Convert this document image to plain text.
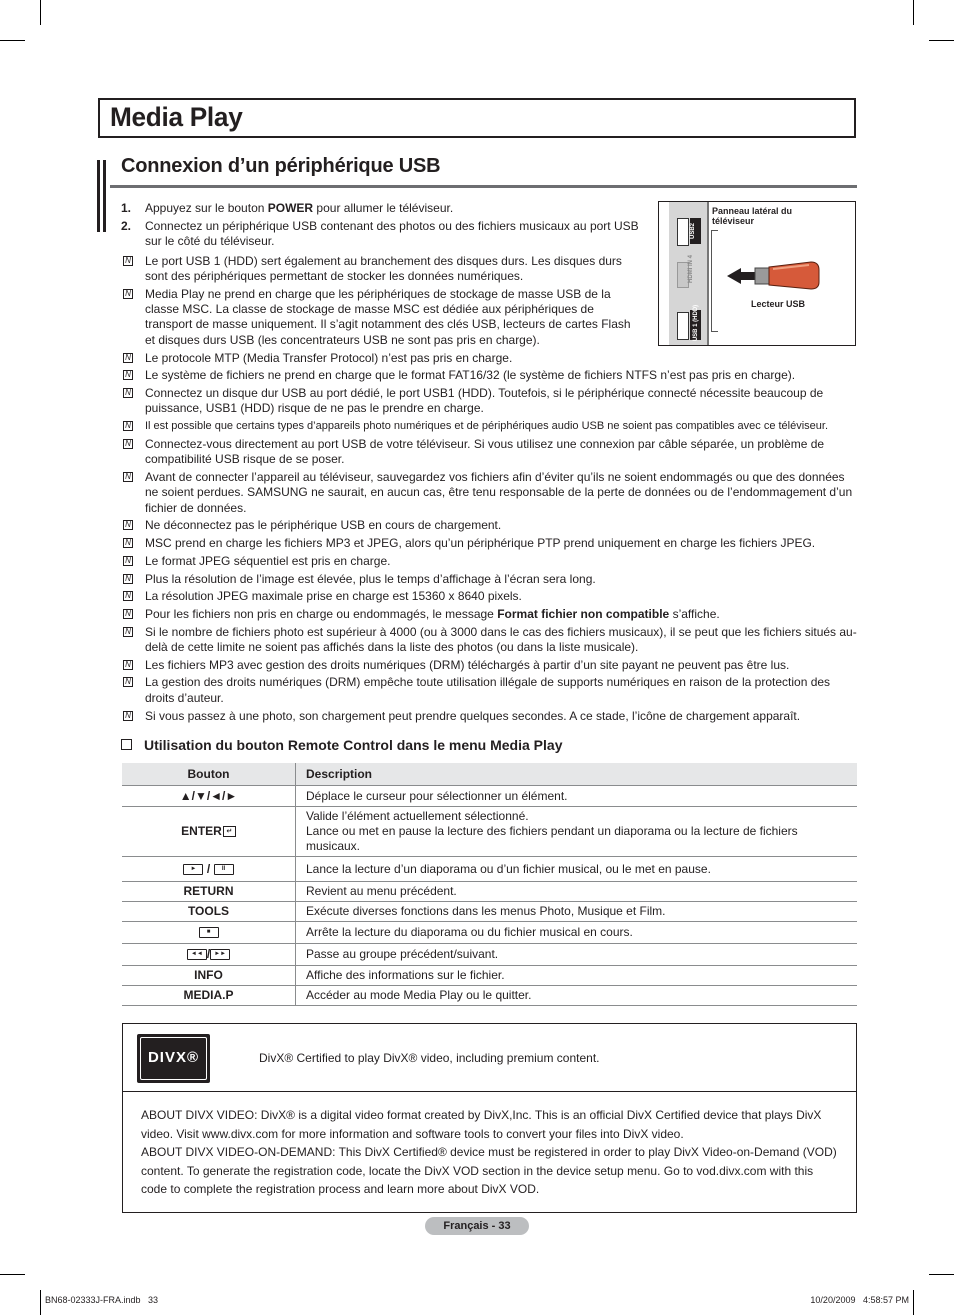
Media Play
Connexion d’un périphérique USB
USB2
HDMI IN 4
USB 1 (HDD)
Panneau latéral du téléviseur
Lecteur USB
1. Appuyez sur le bouton POWER pour allumer le téléviseur.
2. Connectez un périphérique USB contenant des photos ou des fichiers musicaux au port USB sur le côté du téléviseur.
N Le port USB 1 (HDD) sert également au branchement des disques durs. Les disques durs sont des périphériques permettant de stocker les données numériques.
N Media Play ne prend en charge que les périphériques de stockage de masse USB de la classe MSC. La classe de stockage de masse MSC est dédiée aux périphériques de transport de masse uniquement. Il s’agit notamment des clés USB, lecteurs de cartes Flash et disques durs USB (les concentrateurs USB ne sont pas pris en charge).
N Le protocole MTP (Media Transfer Protocol) n’est pas pris en charge.
N Le système de fichiers ne prend en charge que le format FAT16/32 (le système de fichiers NTFS n’est pas pris en charge).
N Connectez un disque dur USB au port dédié, le port USB1 (HDD). Toutefois, si le périphérique connecté nécessite beaucoup de puissance, USB1 (HDD) risque de ne pas le prendre en charge.
N Il est possible que certains types d’appareils photo numériques et de périphériques audio USB ne soient pas compatibles avec ce téléviseur.
N Connectez-vous directement au port USB de votre téléviseur. Si vous utilisez une connexion par câble séparée, un problème de compatibilité USB risque de se poser.
N Avant de connecter l’appareil au téléviseur, sauvegardez vos fichiers afin d’éviter qu’ils ne soient endommagés ou que des données ne soient perdues. SAMSUNG ne saurait, en aucun cas, être tenu responsable de la perte de données ou de l’endommagement d’un fichier de données.
N Ne déconnectez pas le périphérique USB en cours de chargement.
N MSC prend en charge les fichiers MP3 et JPEG, alors qu’un périphérique PTP prend uniquement en charge les fichiers JPEG.
N Le format JPEG séquentiel est pris en charge.
N Plus la résolution de l’image est élevée, plus le temps d’affichage à l’écran sera long.
N La résolution JPEG maximale prise en charge est 15360 x 8640 pixels.
N Pour les fichiers non pris en charge ou endommagés, le message Format fichier non compatible s’affiche.
N Si le nombre de fichiers photo est supérieur à 4000 (ou à 3000 dans le cas des fichiers musicaux), il se peut que les fichiers situés au-delà de cette limite ne soient pas affichés dans la liste des photos (ou dans la liste musicale).
N Les fichiers MP3 avec gestion des droits numériques (DRM) téléchargés à partir d’un site payant ne peuvent pas être lus.
N La gestion des droits numériques (DRM) empêche toute utilisation illégale de supports numériques en raison de la protection des droits d’auteur.
N Si vous passez à une photo, son chargement peut prendre quelques secondes. A ce stade, l’icône de chargement apparaît.
Utilisation du bouton Remote Control dans le menu Media Play
Bouton	Description
▲/▼/◄/►	Déplace le curseur pour sélectionner un élément.
ENTER ↵	Valide l’élément actuellement sélectionné.
Lance ou met en pause la lecture des fichiers pendant un diaporama ou la lecture de fichiers musicaux.
► / II	Lance la lecture d’un diaporama ou d’un fichier musical, ou le met en pause.
RETURN	Revient au menu précédent.
TOOLS	Exécute diverses fonctions dans les menus Photo, Musique et Film.
■	Arrête la lecture du diaporama ou du fichier musical en cours.
◄◄ / ►►	Passe au groupe précédent/suivant.
INFO	Affiche des informations sur le fichier.
MEDIA.P	Accéder au mode Media Play ou le quitter.
DIVX®	DivX® Certified to play DivX® video, including premium content.
ABOUT DIVX VIDEO: DivX® is a digital video format created by DivX,Inc. This is an official DivX Certified device that plays DivX video. Visit www.divx.com for more information and software tools to convert your files into DivX video.
ABOUT DIVX VIDEO-ON-DEMAND: This DivX Certified® device must be registered in order to play DivX Video-on-Demand (VOD) content. To generate the registration code, locate the DivX VOD section in the device setup menu. Go to vod.divx.com with this code to complete the registration process and learn more about DivX VOD.
Français - 33
BN68-02333J-FRA.indb   33	10/20/2009   4:58:57 PM
